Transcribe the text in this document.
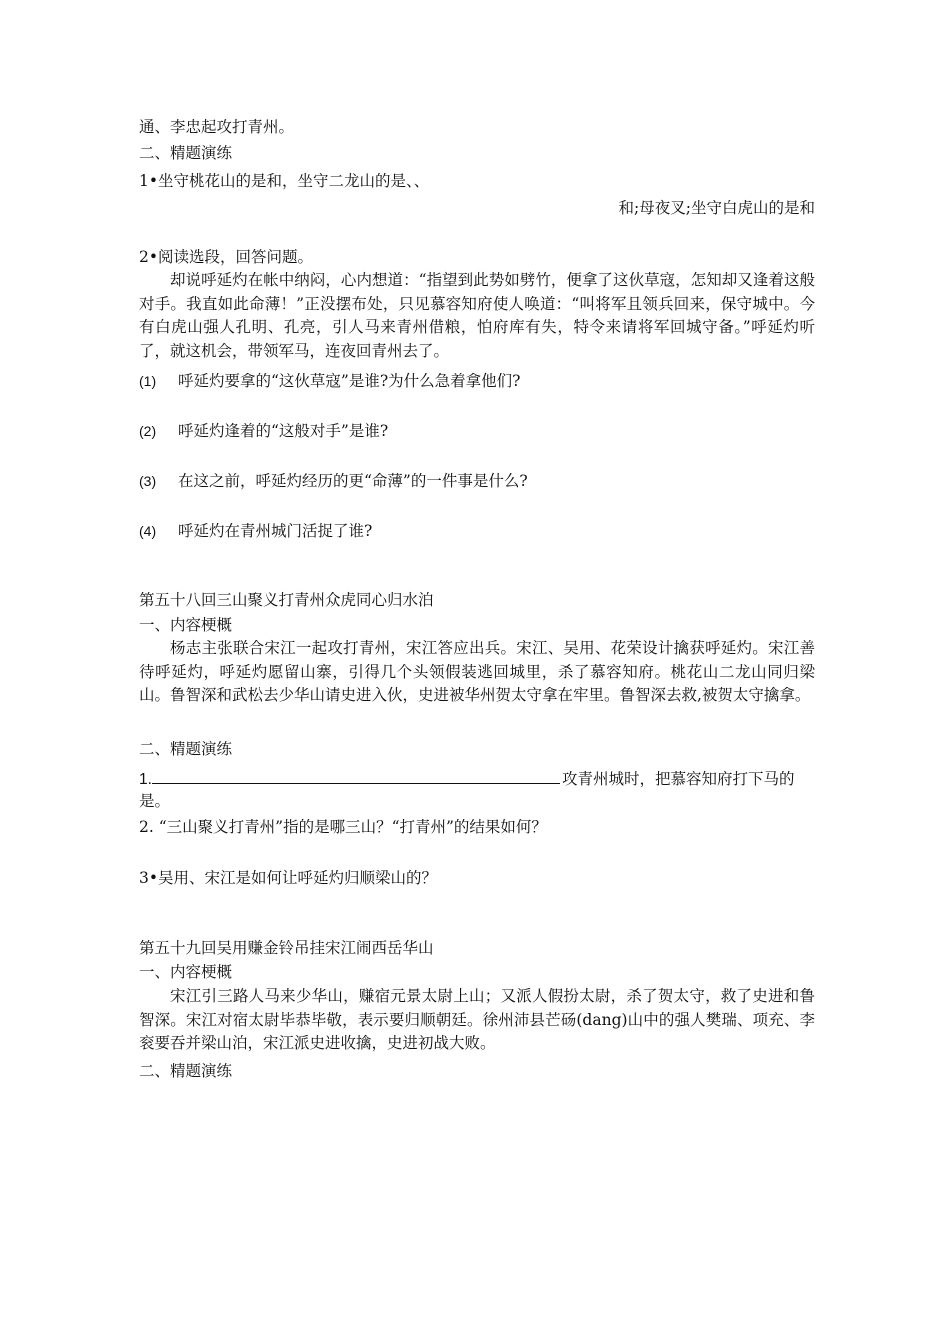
通、李忠起攻打青州。
二、精题演练
1•坐守桃花山的是和，坐守二龙山的是、、
和;母夜叉;坐守白虎山的是和
2•阅读选段，回答问题。
却说呼延灼在帐中纳闷，心内想道：“指望到此势如劈竹，便拿了这伙草寇，怎知却又逢着这般对手。我直如此命薄！”正没摆布处，只见慕容知府使人唤道：“叫将军且领兵回来，保守城中。今有白虎山强人孔明、孔亮，引人马来青州借粮，怕府库有失，特令来请将军回城守备。”呼延灼听了，就这机会，带领军马，连夜回青州去了。
(1) 呼延灼要拿的“这伙草寇”是谁?为什么急着拿他们?
(2) 呼延灼逢着的“这般对手”是谁?
(3) 在这之前，呼延灼经历的更“命薄”的一件事是什么?
(4) 呼延灼在青州城门活捉了谁?
第五十八回三山聚义打青州众虎同心归水泊
一、内容梗概
杨志主张联合宋江一起攻打青州，宋江答应出兵。宋江、吴用、花荣设计擒获呼延灼。宋江善待呼延灼，呼延灼愿留山寨，引得几个头领假装逃回城里，杀了慕容知府。桃花山二龙山同归梁山。鲁智深和武松去少华山请史进入伙，史进被华州贺太守拿在牢里。鲁智深去救,被贺太守擒拿。
二、精题演练
1.	攻青州城时，把慕容知府打下马的
是。
2. “三山聚义打青州”指的是哪三山？“打青州”的结果如何？
3•吴用、宋江是如何让呼延灼归顺梁山的？
第五十九回吴用赚金铃吊挂宋江闹西岳华山
一、内容梗概
宋江引三路人马来少华山，赚宿元景太尉上山；又派人假扮太尉，杀了贺太守，救了史进和鲁智深。宋江对宿太尉毕恭毕敬，表示要归顺朝廷。徐州沛县芒砀(dang)山中的强人樊瑞、项充、李衮要吞并梁山泊，宋江派史进收擒，史进初战大败。
二、精题演练
